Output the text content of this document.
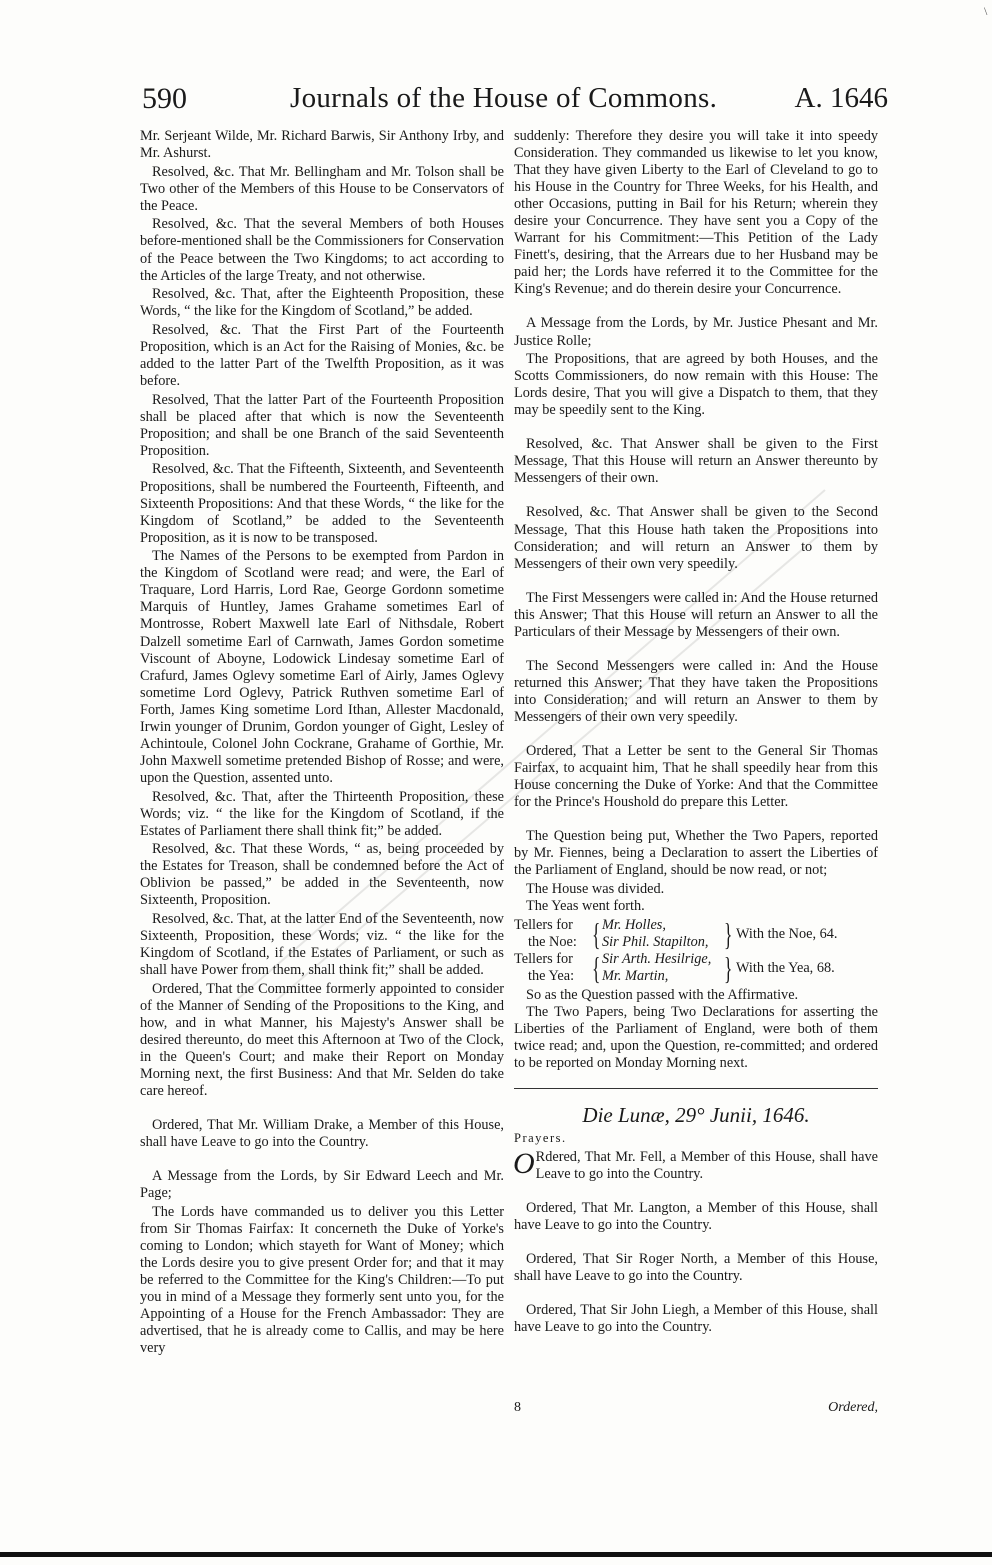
\
590	Journals of the House of Commons.	A. 1646

Mr. Serjeant Wilde, Mr. Richard Barwis, Sir Anthony Irby, and Mr. Ashurst.

Resolved, &c. That Mr. Bellingham and Mr. Tolson shall be Two other of the Members of this House to be Conservators of the Peace.

Resolved, &c. That the several Members of both Houses before-mentioned shall be the Commissioners for Conservation of the Peace between the Two Kingdoms; to act according to the Articles of the large Treaty, and not otherwise.

Resolved, &c. That, after the Eighteenth Proposition, these Words, “ the like for the Kingdom of Scotland,” be added.

Resolved, &c. That the First Part of the Fourteenth Proposition, which is an Act for the Raising of Monies, &c. be added to the latter Part of the Twelfth Proposition, as it was before.

Resolved, That the latter Part of the Fourteenth Proposition shall be placed after that which is now the Seventeenth Proposition; and shall be one Branch of the said Seventeenth Proposition.

Resolved, &c. That the Fifteenth, Sixteenth, and Seventeenth Propositions, shall be numbered the Fourteenth, Fifteenth, and Sixteenth Propositions: And that these Words, “ the like for the Kingdom of Scotland,” be added to the Seventeenth Proposition, as it is now to be transposed.

The Names of the Persons to be exempted from Pardon in the Kingdom of Scotland were read; and were, the Earl of Traquare, Lord Harris, Lord Rae, George Gordonn sometime Marquis of Huntley, James Grahame sometimes Earl of Montrosse, Robert Maxwell late Earl of Nithsdale, Robert Dalzell sometime Earl of Carnwath, James Gordon sometime Viscount of Aboyne, Lodowick Lindesay sometime Earl of Crafurd, James Oglevy sometime Earl of Airly, James Oglevy sometime Lord Oglevy, Patrick Ruthven sometime Earl of Forth, James King sometime Lord Ithan, Allester Macdonald, Irwin younger of Drunim, Gordon younger of Gight, Lesley of Achintoule, Colonel John Cockrane, Grahame of Gorthie, Mr. John Maxwell sometime pretended Bishop of Rosse; and were, upon the Question, assented unto.

Resolved, &c. That, after the Thirteenth Proposition, these Words; viz. “ the like for the Kingdom of Scotland, if the Estates of Parliament there shall think fit;” be added.

Resolved, &c. That these Words, “ as, being proceeded by the Estates for Treason, shall be condemned before the Act of Oblivion be passed,” be added in the Seventeenth, now Sixteenth, Proposition.

Resolved, &c. That, at the latter End of the Seventeenth, now Sixteenth, Proposition, these Words; viz. “ the like for the Kingdom of Scotland, if the Estates of Parliament, or such as shall have Power from them, shall think fit;” shall be added.

Ordered, That the Committee formerly appointed to consider of the Manner of Sending of the Propositions to the King, and how, and in what Manner, his Majesty's Answer shall be desired thereunto, do meet this Afternoon at Two of the Clock, in the Queen's Court; and make their Report on Monday Morning next, the first Business: And that Mr. Selden do take care hereof.

Ordered, That Mr. William Drake, a Member of this House, shall have Leave to go into the Country.

A Message from the Lords, by Sir Edward Leech and Mr. Page;

The Lords have commanded us to deliver you this Letter from Sir Thomas Fairfax: It concerneth the Duke of Yorke's coming to London; which stayeth for Want of Money; which the Lords desire you to give present Order for; and that it may be referred to the Committee for the King's Children:—To put you in mind of a Message they formerly sent unto you, for the Appointing of a House for the French Ambassador: They are advertised, that he is already come to Callis, and may be here very

suddenly: Therefore they desire you will take it into speedy Consideration. They commanded us likewise to let you know, That they have given Liberty to the Earl of Cleveland to go to his House in the Country for Three Weeks, for his Health, and other Occasions, putting in Bail for his Return; wherein they desire your Concurrence. They have sent you a Copy of the Warrant for his Commitment:—This Petition of the Lady Finett's, desiring, that the Arrears due to her Husband may be paid her; the Lords have referred it to the Committee for the King's Revenue; and do therein desire your Concurrence.

A Message from the Lords, by Mr. Justice Phesant and Mr. Justice Rolle;

The Propositions, that are agreed by both Houses, and the Scotts Commissioners, do now remain with this House: The Lords desire, That you will give a Dispatch to them, that they may be speedily sent to the King.

Resolved, &c. That Answer shall be given to the First Message, That this House will return an Answer thereunto by Messengers of their own.

Resolved, &c. That Answer shall be given to the Second Message, That this House hath taken the Propositions into Consideration; and will return an Answer to them by Messengers of their own very speedily.

The First Messengers were called in: And the House returned this Answer; That this House will return an Answer to all the Particulars of their Message by Messengers of their own.

The Second Messengers were called in: And the House returned this Answer; That they have taken the Propositions into Consideration; and will return an Answer to them by Messengers of their own very speedily.

Ordered, That a Letter be sent to the General Sir Thomas Fairfax, to acquaint him, That he shall speedily hear from this House concerning the Duke of Yorke: And that the Committee for the Prince's Houshold do prepare this Letter.

The Question being put, Whether the Two Papers, reported by Mr. Fiennes, being a Declaration to assert the Liberties of the Parliament of England, should be now read, or not;

The House was divided.

The Yeas went forth.

Tellers for
the Noe: { Mr. Holles,
Sir Phil. Stapilton, } With the Noe, 64.
Tellers for
the Yea: { Sir Arth. Hesilrige,
Mr. Martin,	} With the Yea, 68.

So as the Question passed with the Affirmative.

The Two Papers, being Two Declarations for asserting the Liberties of the Parliament of England, were both of them twice read; and, upon the Question, re-committed; and ordered to be reported on Monday Morning next.

Die Lunæ, 29° Junii, 1646.

Prayers.

O Rdered, That Mr. Fell, a Member of this House, shall have Leave to go into the Country.

Ordered, That Mr. Langton, a Member of this House, shall have Leave to go into the Country.

Ordered, That Sir Roger North, a Member of this House, shall have Leave to go into the Country.

Ordered, That Sir John Liegh, a Member of this House, shall have Leave to go into the Country.

8	Ordered,
